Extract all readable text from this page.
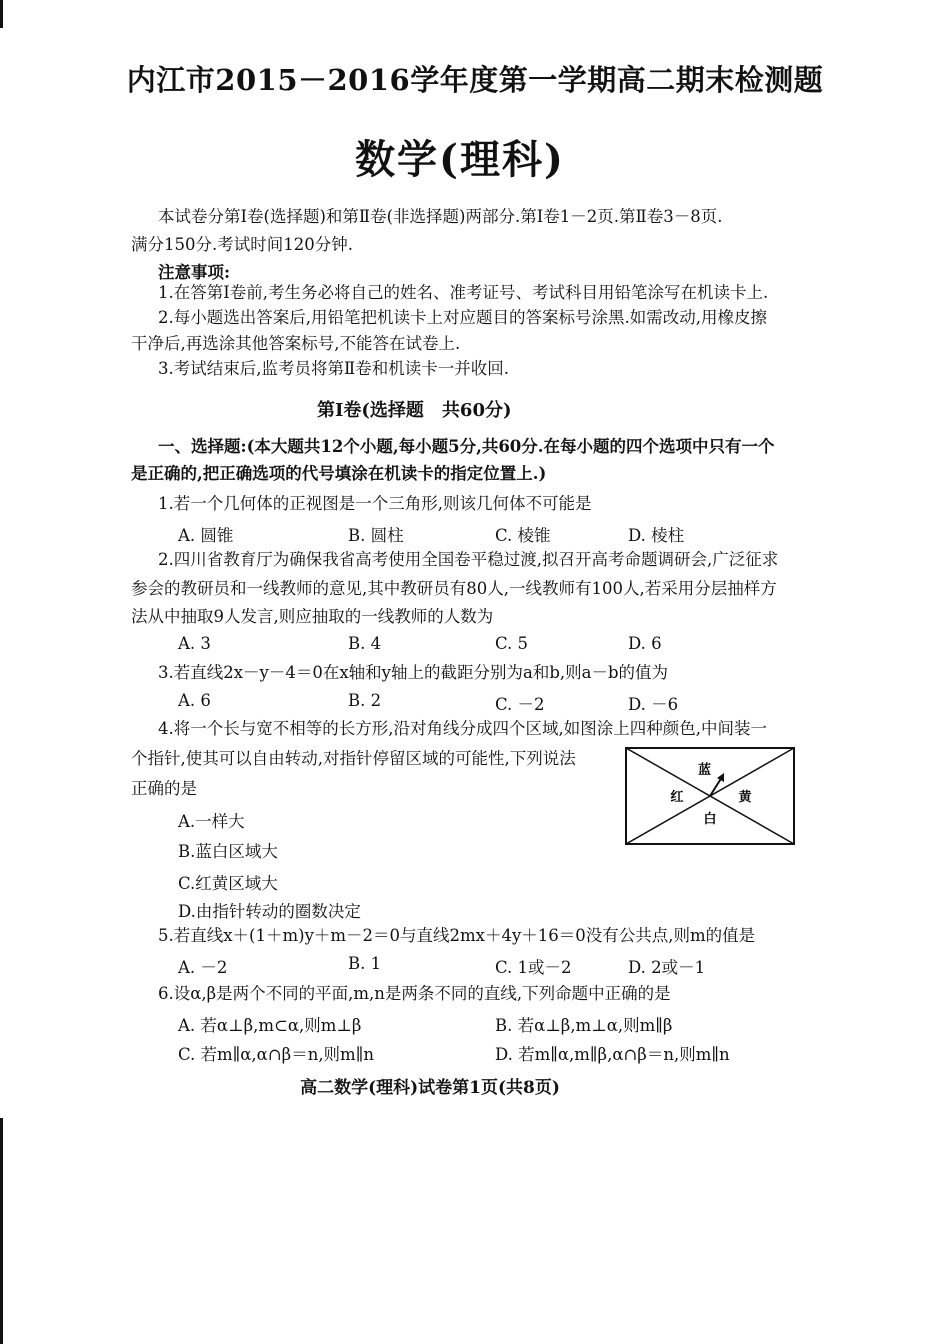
内江市2015－2016学年度第一学期高二期末检测题
数学(理科)
本试卷分第Ⅰ卷(选择题)和第Ⅱ卷(非选择题)两部分.第Ⅰ卷1－2页.第Ⅱ卷3－8页.
满分150分.考试时间120分钟.
注意事项:
1.在答第Ⅰ卷前,考生务必将自己的姓名、准考证号、考试科目用铅笔涂写在机读卡上.
2.每小题选出答案后,用铅笔把机读卡上对应题目的答案标号涂黑.如需改动,用橡皮擦
干净后,再选涂其他答案标号,不能答在试卷上.
3.考试结束后,监考员将第Ⅱ卷和机读卡一并收回.
第Ⅰ卷(选择题　共60分)
一、选择题:(本大题共12个小题,每小题5分,共60分.在每小题的四个选项中只有一个
是正确的,把正确选项的代号填涂在机读卡的指定位置上.)
1.若一个几何体的正视图是一个三角形,则该几何体不可能是
A. 圆锥	B. 圆柱	C. 棱锥	D. 棱柱
2.四川省教育厅为确保我省高考使用全国卷平稳过渡,拟召开高考命题调研会,广泛征求
参会的教研员和一线教师的意见,其中教研员有80人,一线教师有100人,若采用分层抽样方
法从中抽取9人发言,则应抽取的一线教师的人数为
A. 3	B. 4	C. 5	D. 6
3.若直线2x－y－4＝0在x轴和y轴上的截距分别为a和b,则a－b的值为
A. 6	B. 2	C. －2	D. －6
4.将一个长与宽不相等的长方形,沿对角线分成四个区域,如图涂上四种颜色,中间装一
个指针,使其可以自由转动,对指针停留区域的可能性,下列说法
正确的是
A.一样大
B.蓝白区域大
C.红黄区域大
D.由指针转动的圈数决定
蓝
红	黄
白
5.若直线x＋(1＋m)y＋m－2＝0与直线2mx＋4y＋16＝0没有公共点,则m的值是
A. －2	B. 1	C. 1或－2	D. 2或－1
6.设α,β是两个不同的平面,m,n是两条不同的直线,下列命题中正确的是
A. 若α⊥β,m⊂α,则m⊥β	B. 若α⊥β,m⊥α,则m∥β
C. 若m∥α,α∩β＝n,则m∥n	D. 若m∥α,m∥β,α∩β＝n,则m∥n
高二数学(理科)试卷第1页(共8页)
